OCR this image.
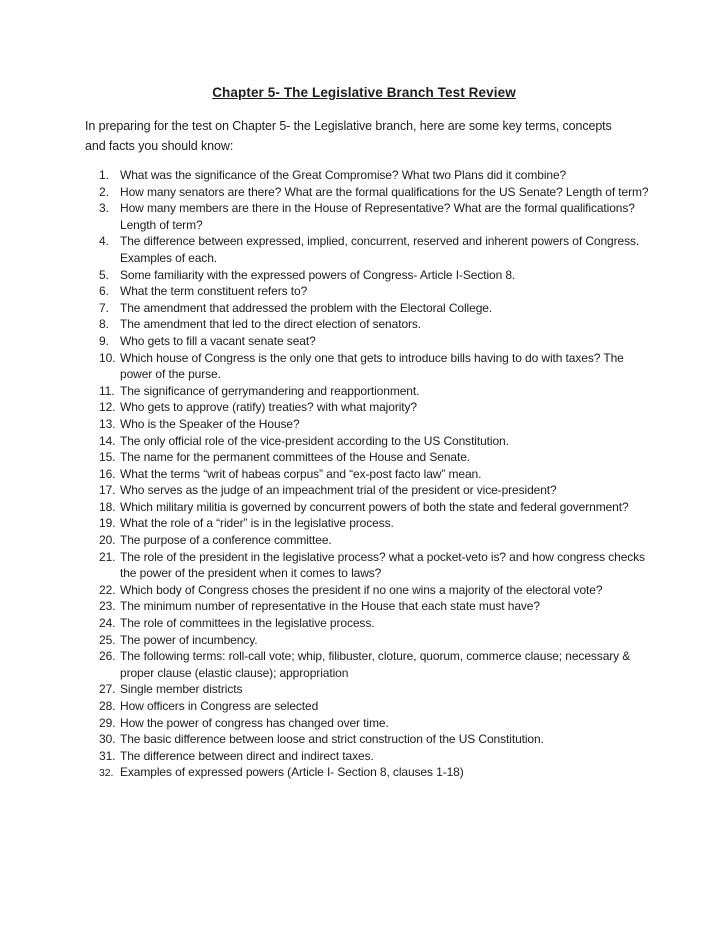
Chapter 5- The Legislative Branch Test Review

In preparing for the test on Chapter 5- the Legislative branch, here are some key terms, concepts and facts you should know:

1. What was the significance of the Great Compromise? What two Plans did it combine?
2. How many senators are there? What are the formal qualifications for the US Senate? Length of term?
3. How many members are there in the House of Representative? What are the formal qualifications? Length of term?
4. The difference between expressed, implied, concurrent, reserved and inherent powers of Congress. Examples of each.
5. Some familiarity with the expressed powers of Congress- Article I-Section 8.
6. What the term constituent refers to?
7. The amendment that addressed the problem with the Electoral College.
8. The amendment that led to the direct election of senators.
9. Who gets to fill a vacant senate seat?
10. Which house of Congress is the only one that gets to introduce bills having to do with taxes? The power of the purse.
11. The significance of gerrymandering and reapportionment.
12. Who gets to approve (ratify) treaties? with what majority?
13. Who is the Speaker of the House?
14. The only official role of the vice-president according to the US Constitution.
15. The name for the permanent committees of the House and Senate.
16. What the terms “writ of habeas corpus” and “ex-post facto law” mean.
17. Who serves as the judge of an impeachment trial of the president or vice-president?
18. Which military militia is governed by concurrent powers of both the state and federal government?
19. What the role of a “rider” is in the legislative process.
20. The purpose of a conference committee.
21. The role of the president in the legislative process? what a pocket-veto is? and how congress checks the power of the president when it comes to laws?
22. Which body of Congress choses the president if no one wins a majority of the electoral vote?
23. The minimum number of representative in the House that each state must have?
24. The role of committees in the legislative process.
25. The power of incumbency.
26. The following terms: roll-call vote; whip, filibuster, cloture, quorum, commerce clause; necessary & proper clause (elastic clause); appropriation
27. Single member districts
28. How officers in Congress are selected
29. How the power of congress has changed over time.
30. The basic difference between loose and strict construction of the US Constitution.
31. The difference between direct and indirect taxes.
32. Examples of expressed powers (Article I- Section 8, clauses 1-18)
